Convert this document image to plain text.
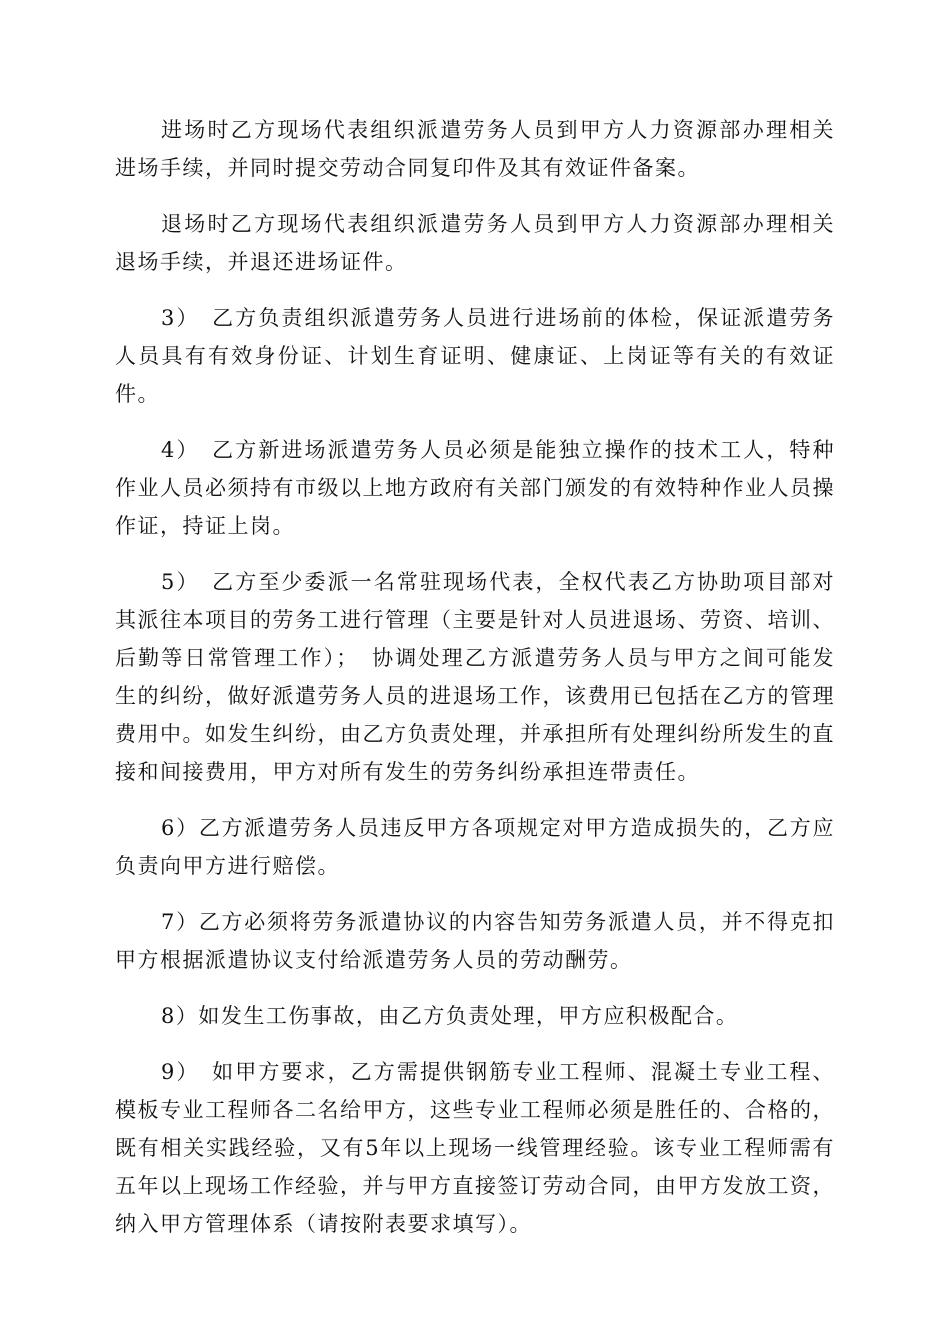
进场时乙方现场代表组织派遣劳务人员到甲方人力资源部办理相关进场手续，并同时提交劳动合同复印件及其有效证件备案。

退场时乙方现场代表组织派遣劳务人员到甲方人力资源部办理相关退场手续，并退还进场证件。

3）　乙方负责组织派遣劳务人员进行进场前的体检，保证派遣劳务人员具有有效身份证、计划生育证明、健康证、上岗证等有关的有效证件。

4）　乙方新进场派遣劳务人员必须是能独立操作的技术工人，特种作业人员必须持有市级以上地方政府有关部门颁发的有效特种作业人员操作证，持证上岗。

5）　乙方至少委派一名常驻现场代表，全权代表乙方协助项目部对其派往本项目的劳务工进行管理（主要是针对人员进退场、劳资、培训、后勤等日常管理工作）；　协调处理乙方派遣劳务人员与甲方之间可能发生的纠纷，做好派遣劳务人员的进退场工作，该费用已包括在乙方的管理费用中。如发生纠纷，由乙方负责处理，并承担所有处理纠纷所发生的直接和间接费用，甲方对所有发生的劳务纠纷承担连带责任。

6）乙方派遣劳务人员违反甲方各项规定对甲方造成损失的，乙方应负责向甲方进行赔偿。

7）乙方必须将劳务派遣协议的内容告知劳务派遣人员，并不得克扣甲方根据派遣协议支付给派遣劳务人员的劳动酬劳。

8）如发生工伤事故，由乙方负责处理，甲方应积极配合。

9）　如甲方要求，乙方需提供钢筋专业工程师、混凝土专业工程、模板专业工程师各二名给甲方，这些专业工程师必须是胜任的、合格的，既有相关实践经验，又有5年以上现场一线管理经验。该专业工程师需有五年以上现场工作经验，并与甲方直接签订劳动合同，由甲方发放工资，纳入甲方管理体系（请按附表要求填写）。
